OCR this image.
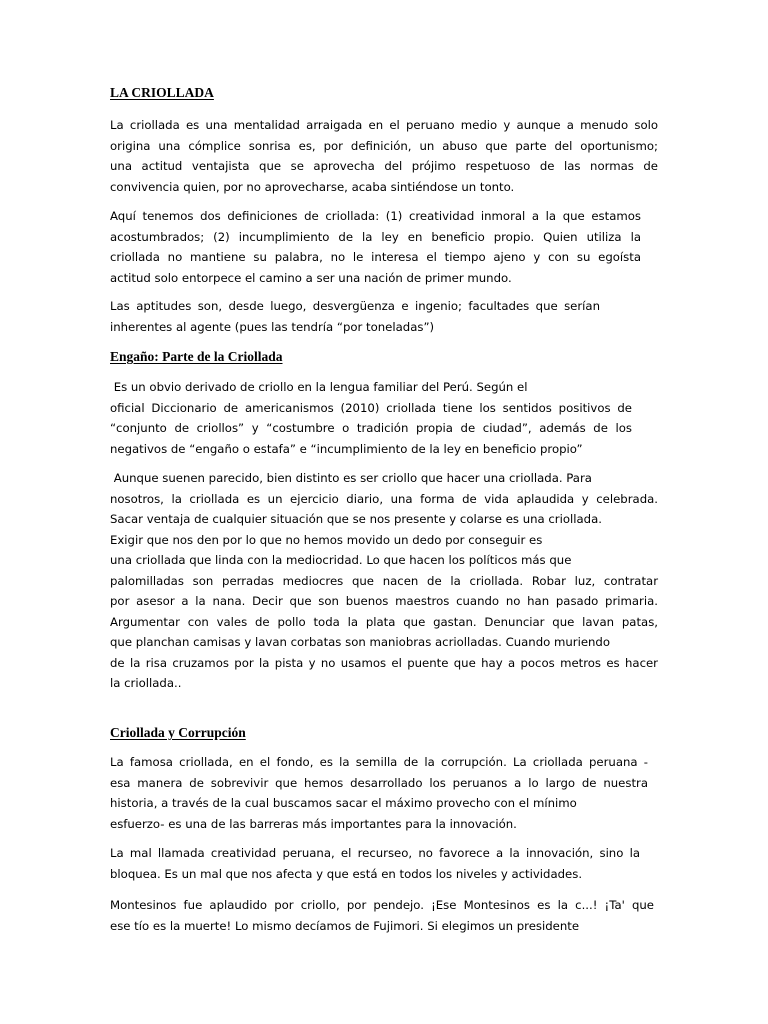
LA CRIOLLADA
La criollada es una mentalidad arraigada en el peruano medio y aunque a menudo solo
origina una cómplice sonrisa es, por definición, un abuso que parte del oportunismo;
una actitud ventajista que se aprovecha del prójimo respetuoso de las normas de
convivencia quien, por no aprovecharse, acaba sintiéndose un tonto.
Aquí tenemos dos definiciones de criollada: (1) creatividad inmoral a la que estamos
acostumbrados; (2) incumplimiento de la ley en beneficio propio. Quien utiliza la
criollada no mantiene su palabra, no le interesa el tiempo ajeno y con su egoísta
actitud solo entorpece el camino a ser una nación de primer mundo.
Las aptitudes son, desde luego, desvergüenza e ingenio; facultades que serían
inherentes al agente (pues las tendría “por toneladas”)
Engaño: Parte de la Criollada
Es un obvio derivado de criollo en la lengua familiar del Perú. Según el
oficial Diccionario de americanismos (2010) criollada tiene los sentidos positivos de
“conjunto de criollos” y “costumbre o tradición propia de ciudad”, además de los
negativos de “engaño o estafa” e “incumplimiento de la ley en beneficio propio”
Aunque suenen parecido, bien distinto es ser criollo que hacer una criollada. Para
nosotros, la criollada es un ejercicio diario, una forma de vida aplaudida y celebrada.
Sacar ventaja de cualquier situación que se nos presente y colarse es una criollada.
Exigir que nos den por lo que no hemos movido un dedo por conseguir es
una criollada que linda con la mediocridad. Lo que hacen los políticos más que
palomilladas son perradas mediocres que nacen de la criollada. Robar luz, contratar
por asesor a la nana. Decir que son buenos maestros cuando no han pasado primaria.
Argumentar con vales de pollo toda la plata que gastan. Denunciar que lavan patas,
que planchan camisas y lavan corbatas son maniobras acriolladas. Cuando muriendo
de la risa cruzamos por la pista y no usamos el puente que hay a pocos metros es hacer
la criollada..
Criollada y Corrupción
La famosa criollada, en el fondo, es la semilla de la corrupción. La criollada peruana -
esa manera de sobrevivir que hemos desarrollado los peruanos a lo largo de nuestra
historia, a través de la cual buscamos sacar el máximo provecho con el mínimo
esfuerzo- es una de las barreras más importantes para la innovación.
La mal llamada creatividad peruana, el recurseo, no favorece a la innovación, sino la
bloquea. Es un mal que nos afecta y que está en todos los niveles y actividades.
Montesinos fue aplaudido por criollo, por pendejo. ¡Ese Montesinos es la c...! ¡Ta' que
ese tío es la muerte! Lo mismo decíamos de Fujimori. Si elegimos un presidente
